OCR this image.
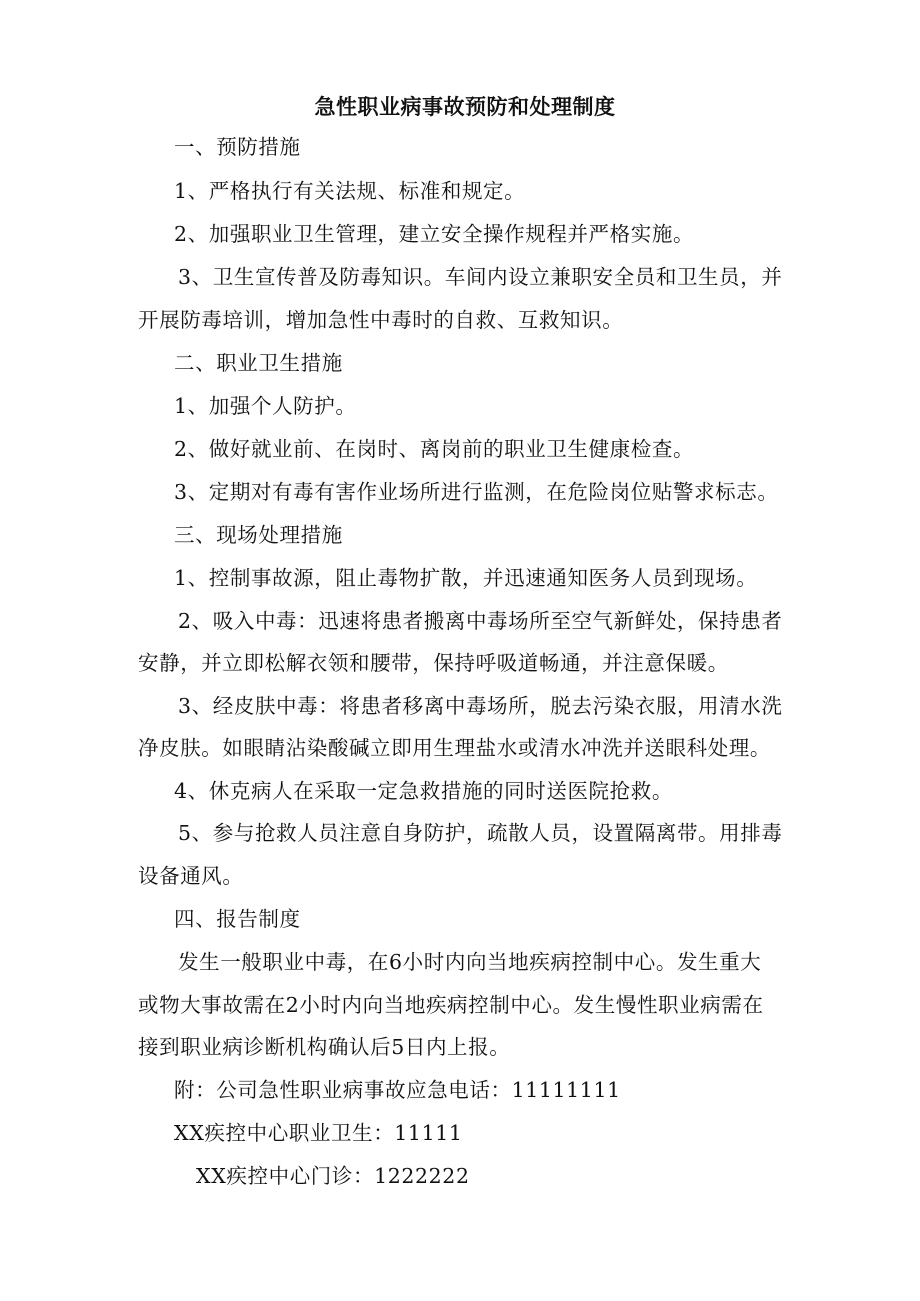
急性职业病事故预防和处理制度
一、预防措施
1、严格执行有关法规、标准和规定。
2、加强职业卫生管理，建立安全操作规程并严格实施。
3、卫生宣传普及防毒知识。车间内设立兼职安全员和卫生员，并
开展防毒培训，增加急性中毒时的自救、互救知识。
二、职业卫生措施
1、加强个人防护。
2、做好就业前、在岗时、离岗前的职业卫生健康检查。
3、定期对有毒有害作业场所进行监测，在危险岗位贴警求标志。
三、现场处理措施
1、控制事故源，阻止毒物扩散，并迅速通知医务人员到现场。
2、吸入中毒：迅速将患者搬离中毒场所至空气新鲜处，保持患者
安静，并立即松解衣领和腰带，保持呼吸道畅通，并注意保暖。
3、经皮肤中毒：将患者移离中毒场所，脱去污染衣服，用清水洗
净皮肤。如眼睛沾染酸碱立即用生理盐水或清水冲洗并送眼科处理。
4、休克病人在采取一定急救措施的同时送医院抢救。
5、参与抢救人员注意自身防护，疏散人员，设置隔离带。用排毒
设备通风。
四、报告制度
发生一般职业中毒，在6小时内向当地疾病控制中心。发生重大
或物大事故需在2小时内向当地疾病控制中心。发生慢性职业病需在
接到职业病诊断机构确认后5日内上报。
附：公司急性职业病事故应急电话：11111111
XX疾控中心职业卫生：11111
XX疾控中心门诊：1222222
